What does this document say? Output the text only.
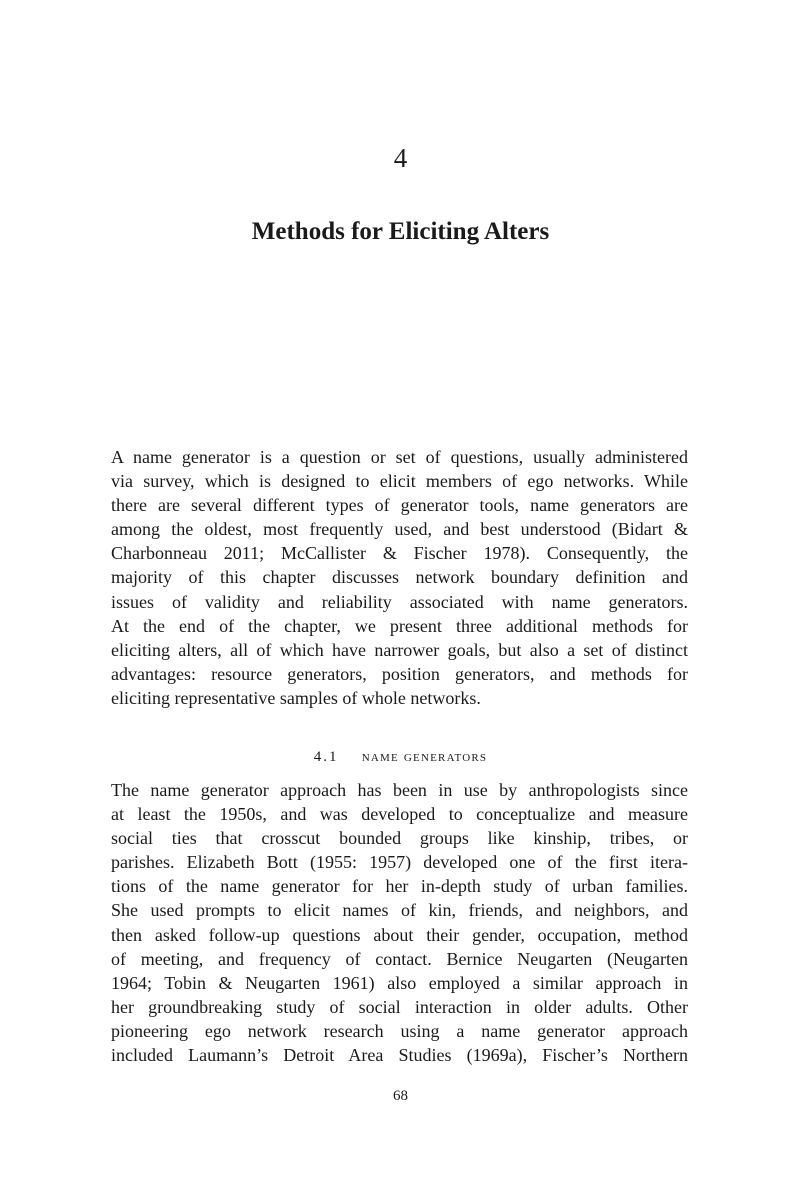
4
Methods for Eliciting Alters

A name generator is a question or set of questions, usually administered
via survey, which is designed to elicit members of ego networks. While
there are several different types of generator tools, name generators are
among the oldest, most frequently used, and best understood (Bidart &
Charbonneau 2011; McCallister & Fischer 1978). Consequently, the
majority of this chapter discusses network boundary definition and
issues of validity and reliability associated with name generators.
At the end of the chapter, we present three additional methods for
eliciting alters, all of which have narrower goals, but also a set of distinct
advantages: resource generators, position generators, and methods for
eliciting representative samples of whole networks.

4.1 name generators

The name generator approach has been in use by anthropologists since
at least the 1950s, and was developed to conceptualize and measure
social ties that crosscut bounded groups like kinship, tribes, or
parishes. Elizabeth Bott (1955: 1957) developed one of the first itera-
tions of the name generator for her in-depth study of urban families.
She used prompts to elicit names of kin, friends, and neighbors, and
then asked follow-up questions about their gender, occupation, method
of meeting, and frequency of contact. Bernice Neugarten (Neugarten
1964; Tobin & Neugarten 1961) also employed a similar approach in
her groundbreaking study of social interaction in older adults. Other
pioneering ego network research using a name generator approach
included Laumann’s Detroit Area Studies (1969a), Fischer’s Northern

68
